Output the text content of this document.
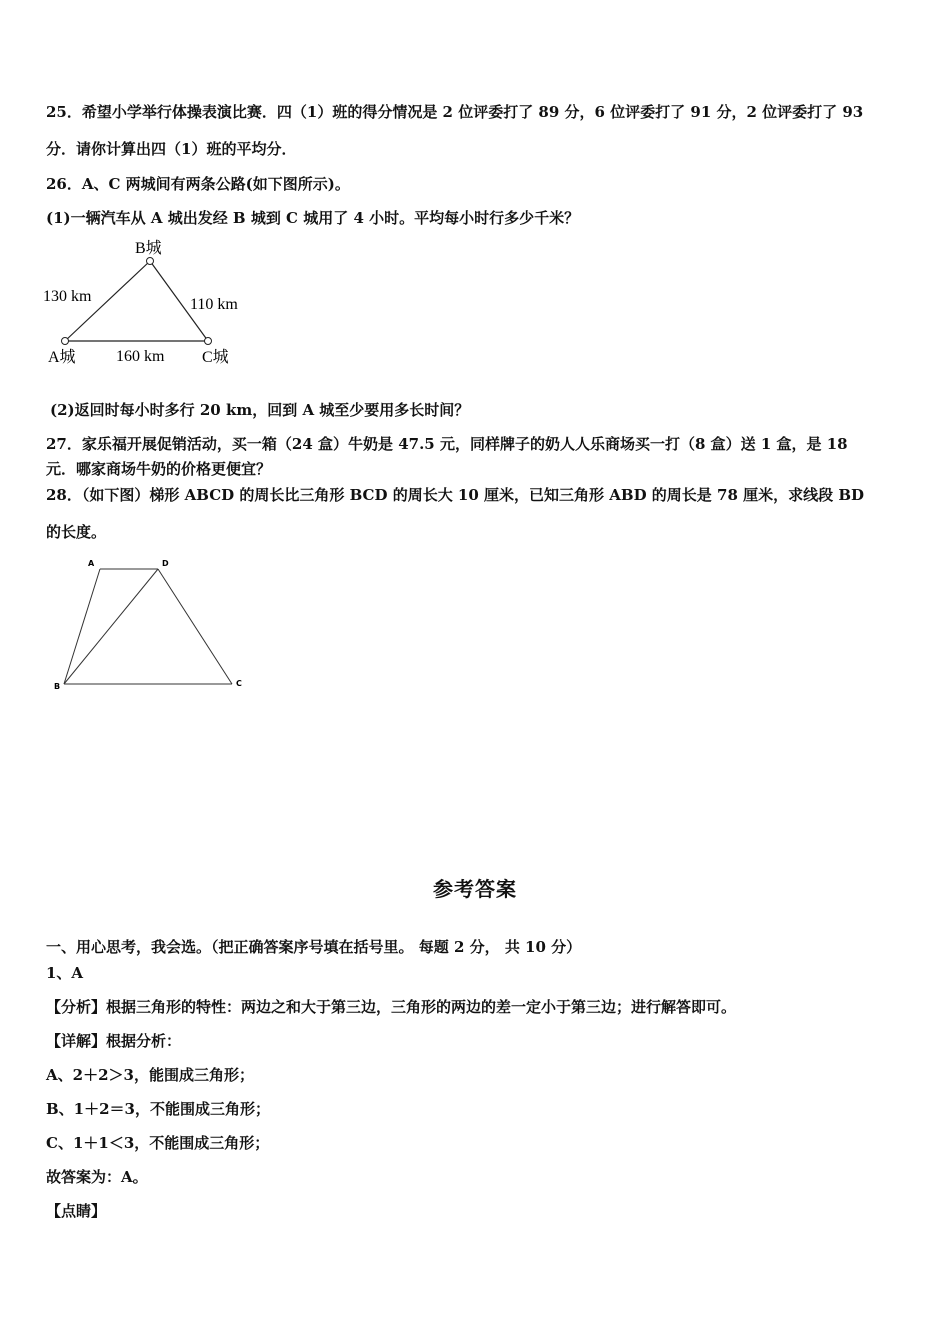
25．希望小学举行体操表演比赛．四（1）班的得分情况是 2 位评委打了 89 分，6 位评委打了 91 分，2 位评委打了 93
分．请你计算出四（1）班的平均分．
26．A、C 两城间有两条公路(如下图所示)。
(1)一辆汽车从 A 城出发经 B 城到 C 城用了 4 小时。平均每小时行多少千米？
B城
A城	C城
130 km	110 km
160 km
(2)返回时每小时多行 20 km，回到 A 城至少要用多长时间？
27．家乐福开展促销活动，买一箱（24 盒）牛奶是 47.5 元，同样牌子的奶人人乐商场买一打（8 盒）送 1 盒，是 18
元．哪家商场牛奶的价格更便宜？
28．（如下图）梯形 ABCD 的周长比三角形 BCD 的周长大 10 厘米，已知三角形 ABD 的周长是 78 厘米，求线段 BD
的长度。
A	D
B	C
参考答案
一、用心思考，我会选。（把正确答案序号填在括号里。 每题 2 分， 共 10 分）
1、A
【分析】根据三角形的特性：两边之和大于第三边，三角形的两边的差一定小于第三边；进行解答即可。
【详解】根据分析：
A、2＋2＞3，能围成三角形；
B、1＋2＝3，不能围成三角形；
C、1＋1＜3，不能围成三角形；
故答案为：A。
【点睛】
